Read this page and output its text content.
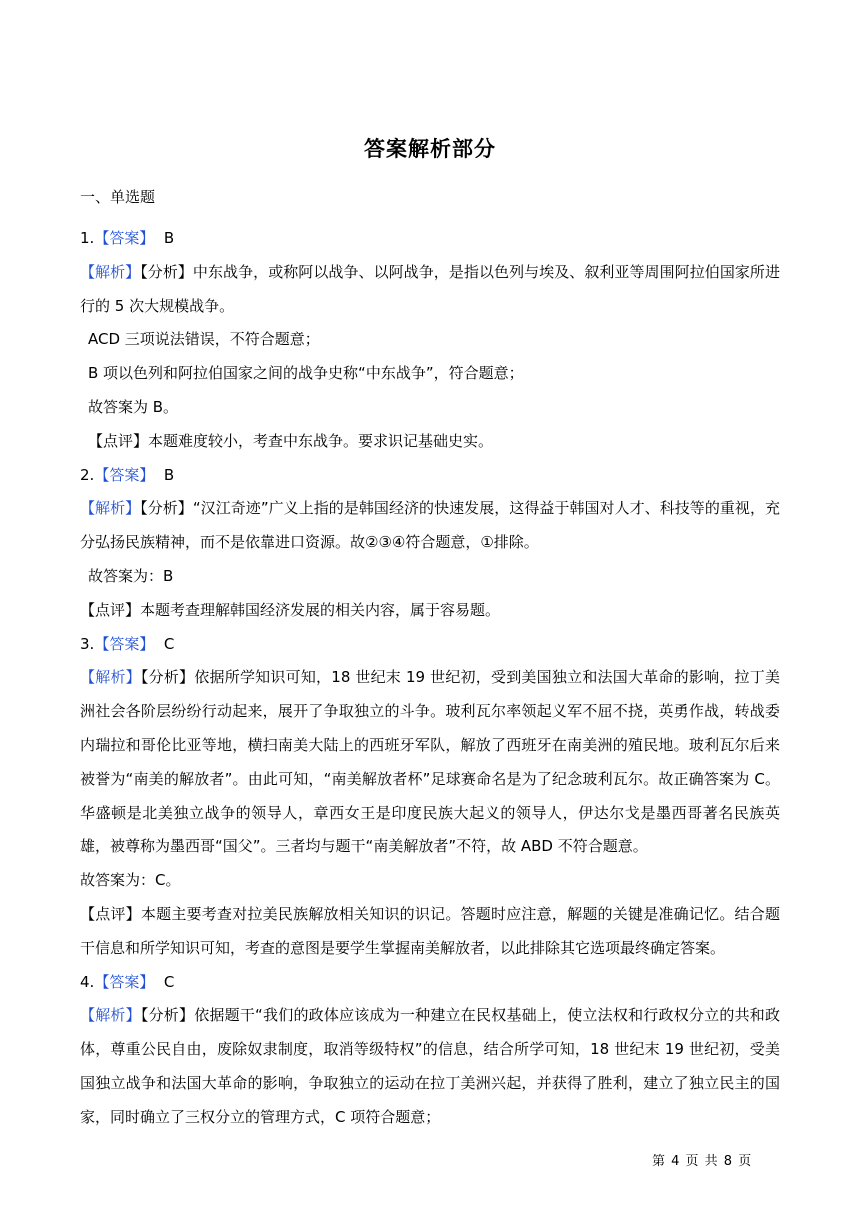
答案解析部分
一、单选题
1.【答案】 B
【解析】【分析】中东战争，或称阿以战争、以阿战争，是指以色列与埃及、叙利亚等周围阿拉伯国家所进行的 5 次大规模战争。
ACD 三项说法错误，不符合题意；
B 项以色列和阿拉伯国家之间的战争史称“中东战争”，符合题意；
故答案为 B。
【点评】本题难度较小，考查中东战争。要求识记基础史实。
2.【答案】 B
【解析】【分析】“汉江奇迹”广义上指的是韩国经济的快速发展，这得益于韩国对人才、科技等的重视，充分弘扬民族精神，而不是依靠进口资源。故②③④符合题意，①排除。
故答案为：B
【点评】本题考查理解韩国经济发展的相关内容，属于容易题。
3.【答案】 C
【解析】【分析】依据所学知识可知，18 世纪末 19 世纪初，受到美国独立和法国大革命的影响，拉丁美洲社会各阶层纷纷行动起来，展开了争取独立的斗争。玻利瓦尔率领起义军不屈不挠，英勇作战，转战委内瑞拉和哥伦比亚等地，横扫南美大陆上的西班牙军队，解放了西班牙在南美洲的殖民地。玻利瓦尔后来被誉为“南美的解放者”。由此可知，“南美解放者杯”足球赛命名是为了纪念玻利瓦尔。故正确答案为 C。华盛顿是北美独立战争的领导人，章西女王是印度民族大起义的领导人，伊达尔戈是墨西哥著名民族英雄，被尊称为墨西哥“国父”。三者均与题干“南美解放者”不符，故 ABD 不符合题意。
故答案为：C。
【点评】本题主要考查对拉美民族解放相关知识的识记。答题时应注意，解题的关键是准确记忆。结合题干信息和所学知识可知，考查的意图是要学生掌握南美解放者，以此排除其它选项最终确定答案。
4.【答案】 C
【解析】【分析】依据题干“我们的政体应该成为一种建立在民权基础上，使立法权和行政权分立的共和政体，尊重公民自由，废除奴隶制度，取消等级特权”的信息，结合所学可知，18 世纪末 19 世纪初，受美国独立战争和法国大革命的影响，争取独立的运动在拉丁美洲兴起，并获得了胜利，建立了独立民主的国家，同时确立了三权分立的管理方式，C 项符合题意；
第 4 页 共 8 页
